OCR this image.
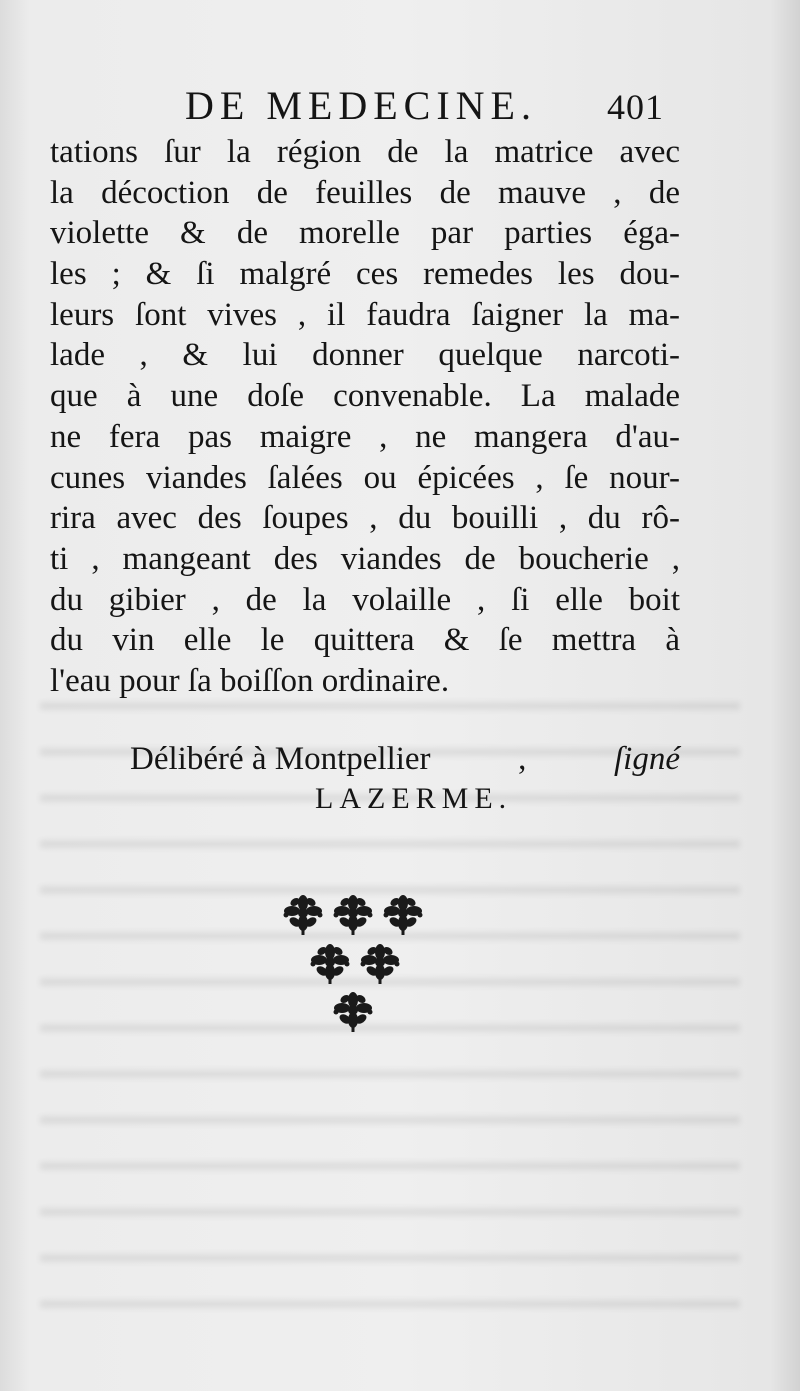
DE MEDECINE. 401
tations ſur la région de la matrice avec
la décoction de feuilles de mauve , de
violette & de morelle par parties éga-
les ; & ſi malgré ces remedes les dou-
leurs ſont vives , il faudra ſaigner la ma-
lade , & lui donner quelque narcoti-
que à une doſe convenable. La malade
ne fera pas maigre , ne mangera d'au-
cunes viandes ſalées ou épicées , ſe nour-
rira avec des ſoupes , du bouilli , du rô-
ti , mangeant des viandes de boucherie ,
du gibier , de la volaille , ſi elle boit
du vin elle le quittera & ſe mettra à
l'eau pour ſa boiſſon ordinaire.
Délibéré à Montpellier	,	ſigné
LAZERME.
